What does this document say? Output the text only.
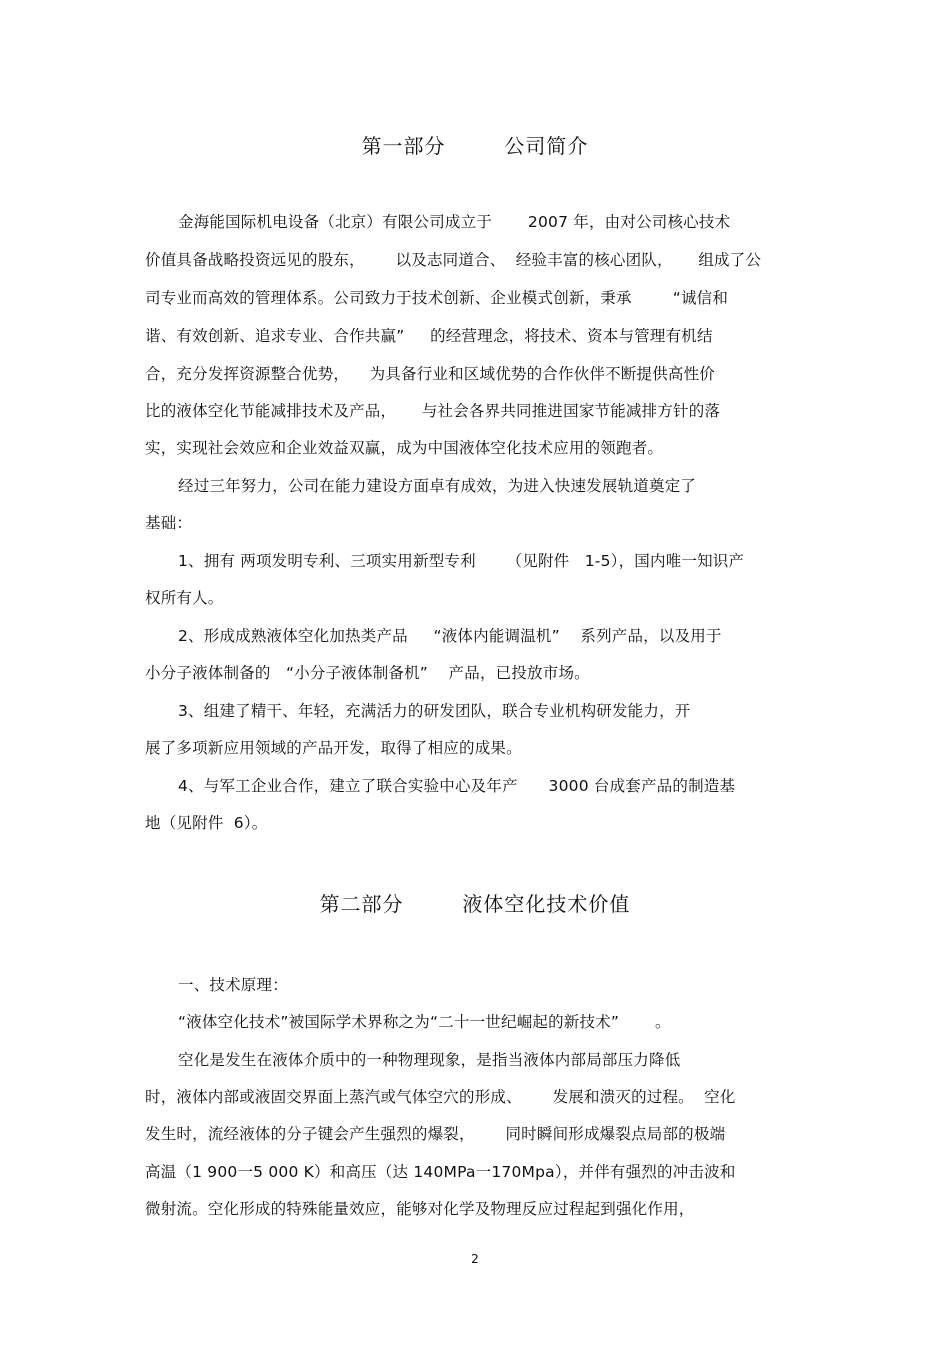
第一部分        公司简介
金海能国际机电设备（北京）有限公司成立于       2007 年，由对公司核心技术
价值具备战略投资远见的股东，      以及志同道合、  经验丰富的核心团队，     组成了公
司专业而高效的管理体系。公司致力于技术创新、企业模式创新，秉承        “诚信和
谐、有效创新、追求专业、合作共赢”     的经营理念，将技术、资本与管理有机结
合，充分发挥资源整合优势，    为具备行业和区域优势的合作伙伴不断提供高性价
比的液体空化节能减排技术及产品，     与社会各界共同推进国家节能减排方针的落
实，实现社会效应和企业效益双赢，成为中国液体空化技术应用的领跑者。
经过三年努力，公司在能力建设方面卓有成效，为进入快速发展轨道奠定了
基础：
1、拥有 两项发明专利、三项实用新型专利      （见附件   1-5），国内唯一知识产
权所有人。
2、形成成熟液体空化加热类产品     “液体内能调温机”    系列产品，以及用于
小分子液体制备的   “小分子液体制备机”    产品，已投放市场。
3、组建了精干、年轻，充满活力的研发团队，联合专业机构研发能力，开
展了多项新应用领域的产品开发，取得了相应的成果。
4、与军工企业合作，建立了联合实验中心及年产      3000 台成套产品的制造基
地（见附件  6）。
第二部分        液体空化技术价值
一、技术原理：
“液体空化技术”被国际学术界称之为“二十一世纪崛起的新技术”       。
空化是发生在液体介质中的一种物理现象，是指当液体内部局部压力降低
时，液体内部或液固交界面上蒸汽或气体空穴的形成、      发展和溃灭的过程。  空化
发生时，流经液体的分子键会产生强烈的爆裂，      同时瞬间形成爆裂点局部的极端
高温（1 900一5 000 K）和高压（达 140MPa一170Mpa），并伴有强烈的冲击波和
微射流。空化形成的特殊能量效应，能够对化学及物理反应过程起到强化作用，
2
